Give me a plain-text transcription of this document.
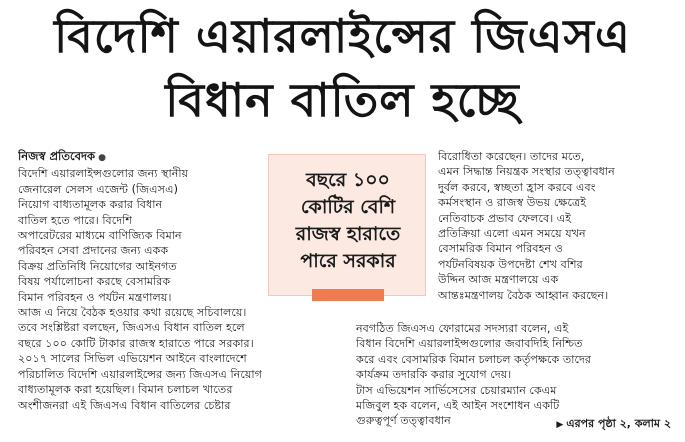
বিদেশি এয়ারলাইন্সের জিএসএ
বিধান বাতিল হচ্ছে

নিজস্ব প্রতিবেদক ●

বিদেশি এয়ারলাইন্সগুলোর জন্য স্থানীয়

জেনারেল সেলস এজেন্ট (জিএসএ)

নিয়োগ বাধ্যতামূলক করার বিধান

বাতিল হতে পারে। বিদেশি

অপারেটরের মাধ্যমে বাণিজ্যিক বিমান

পরিবহন সেবা প্রদানের জন্য একক

বিক্রয় প্রতিনিধি নিয়োগের আইনগত

বিষয় পর্যালোচনা করছে বেসামরিক

বিমান পরিবহন ও পর্যটন মন্ত্রণালয়।

আজ এ নিয়ে বৈঠক হওয়ার কথা রয়েছে সচিবালয়ে।

তবে সংশ্লিষ্টরা বলছেন, জিএসএ বিধান বাতিল হলে

বছরে ১০০ কোটি টাকার রাজস্ব হারাতে পারে সরকার।

২০১৭ সালের সিভিল এভিয়েশন আইনে বাংলাদেশে

পরিচালিত বিদেশি এয়ারলাইন্সের জন্য জিএসএ নিয়োগ

বাধ্যতামূলক করা হয়েছিল। বিমান চলাচল খাতের

অংশীজনরা এই জিএসএ বিধান বাতিলের চেষ্টার

বছরে ১০০
কোটির বেশি
রাজস্ব হারাতে
পারে সরকার

বিরোধিতা করেছেন। তাদের মতে,

এমন সিদ্ধান্ত নিয়ন্ত্রক সংস্থার তত্ত্বাবধান

দুর্বল করবে, স্বচ্ছতা হ্রাস করবে এবং

কর্মসংস্থান ও রাজস্ব উভয় ক্ষেত্রেই

নেতিবাচক প্রভাব ফেলবে। এই

প্রতিক্রিয়া এলো এমন সময়ে যখন

বেসামরিক বিমান পরিবহন ও

পর্যটনবিষয়ক উপদেষ্টা শেখ বশির

উদ্দিন আজ মন্ত্রণালয়ে এক

আন্তঃমন্ত্রণালয় বৈঠক আহ্বান করছেন।

নবগঠিত জিএসএ ফোরামের সদস্যরা বলেন, এই

বিধান বিদেশি এয়ারলাইন্সগুলোর জবাবদিহি নিশ্চিত

করে এবং বেসামরিক বিমান চলাচল কর্তৃপক্ষকে তাদের

কার্যক্রম তদারকি করার সুযোগ দেয়।

টাস এভিয়েশন সার্ভিসেসের চেয়ারম্যান কেএম

মজিবুল হক বলেন, এই আইন সংশোধন একটি

গুরুত্বপূর্ণ তত্ত্বাবধান	▶ এরপর পৃষ্ঠা ২, কলাম ২
